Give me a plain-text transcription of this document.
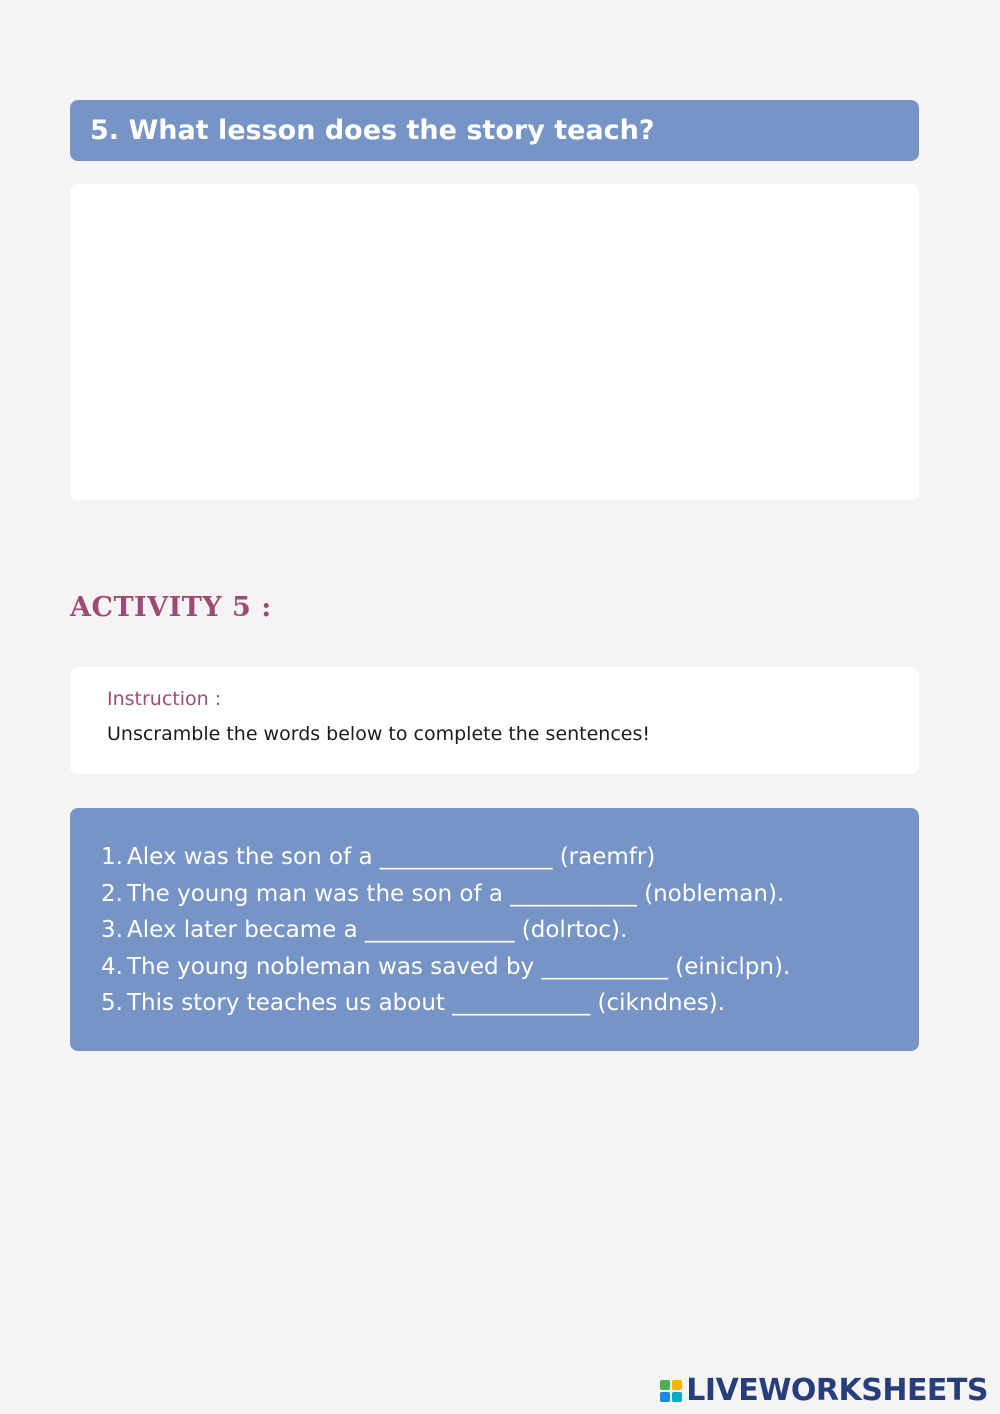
5. What lesson does the story teach?
ACTIVITY 5 :
Instruction :
Unscramble the words below to complete the sentences!
1. Alex was the son of a _______________ (raemfr)
2. The young man was the son of a ___________ (nobleman).
3. Alex later became a _____________ (dolrtoc).
4. The young nobleman was saved by ___________ (einiclpn).
5. This story teaches us about ____________ (cikndnes).
LIVEWORKSHEETS
